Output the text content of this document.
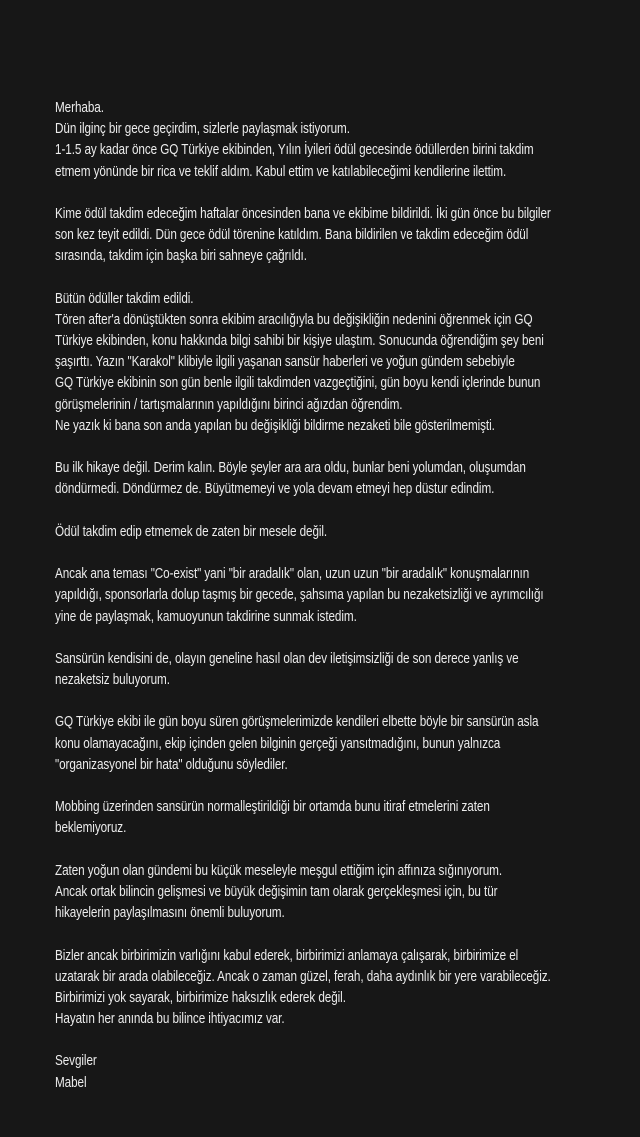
Merhaba.
Dün ilginç bir gece geçirdim, sizlerle paylaşmak istiyorum.
1-1.5 ay kadar önce GQ Türkiye ekibinden, Yılın İyileri ödül gecesinde ödüllerden birini takdim
etmem yönünde bir rica ve teklif aldım. Kabul ettim ve katılabileceğimi kendilerine ilettim.
Kime ödül takdim edeceğim haftalar öncesinden bana ve ekibime bildirildi. İki gün önce bu bilgiler
son kez teyit edildi. Dün gece ödül törenine katıldım. Bana bildirilen ve takdim edeceğim ödül
sırasında, takdim için başka biri sahneye çağrıldı.
Bütün ödüller takdim edildi.
Tören after'a dönüştükten sonra ekibim aracılığıyla bu değişikliğin nedenini öğrenmek için GQ
Türkiye ekibinden, konu hakkında bilgi sahibi bir kişiye ulaştım. Sonucunda öğrendiğim şey beni
şaşırttı. Yazın "Karakol" klibiyle ilgili yaşanan sansür haberleri ve yoğun gündem sebebiyle
GQ Türkiye ekibinin son gün benle ilgili takdimden vazgeçtiğini, gün boyu kendi içlerinde bunun
görüşmelerinin / tartışmalarının yapıldığını birinci ağızdan öğrendim.
Ne yazık ki bana son anda yapılan bu değişikliği bildirme nezaketi bile gösterilmemişti.
Bu ilk hikaye değil. Derim kalın. Böyle şeyler ara ara oldu, bunlar beni yolumdan, oluşumdan
döndürmedi. Döndürmez de. Büyütmemeyi ve yola devam etmeyi hep düstur edindim.
Ödül takdim edip etmemek de zaten bir mesele değil.
Ancak ana teması "Co-exist" yani "bir aradalık" olan, uzun uzun "bir aradalık" konuşmalarının
yapıldığı, sponsorlarla dolup taşmış bir gecede, şahsıma yapılan bu nezaketsizliği ve ayrımcılığı
yine de paylaşmak, kamuoyunun takdirine sunmak istedim.
Sansürün kendisini de, olayın geneline hasıl olan dev iletişimsizliği de son derece yanlış ve
nezaketsiz buluyorum.
GQ Türkiye ekibi ile gün boyu süren görüşmelerimizde kendileri elbette böyle bir sansürün asla
konu olamayacağını, ekip içinden gelen bilginin gerçeği yansıtmadığını, bunun yalnızca
"organizasyonel bir hata" olduğunu söylediler.
Mobbing üzerinden sansürün normalleştirildiği bir ortamda bunu itiraf etmelerini zaten
beklemiyoruz.
Zaten yoğun olan gündemi bu küçük meseleyle meşgul ettiğim için affınıza sığınıyorum.
Ancak ortak bilincin gelişmesi ve büyük değişimin tam olarak gerçekleşmesi için, bu tür
hikayelerin paylaşılmasını önemli buluyorum.
Bizler ancak birbirimizin varlığını kabul ederek, birbirimizi anlamaya çalışarak, birbirimize el
uzatarak bir arada olabileceğiz. Ancak o zaman güzel, ferah, daha aydınlık bir yere varabileceğiz.
Birbirimizi yok sayarak, birbirimize haksızlık ederek değil.
Hayatın her anında bu bilince ihtiyacımız var.
Sevgiler
Mabel
